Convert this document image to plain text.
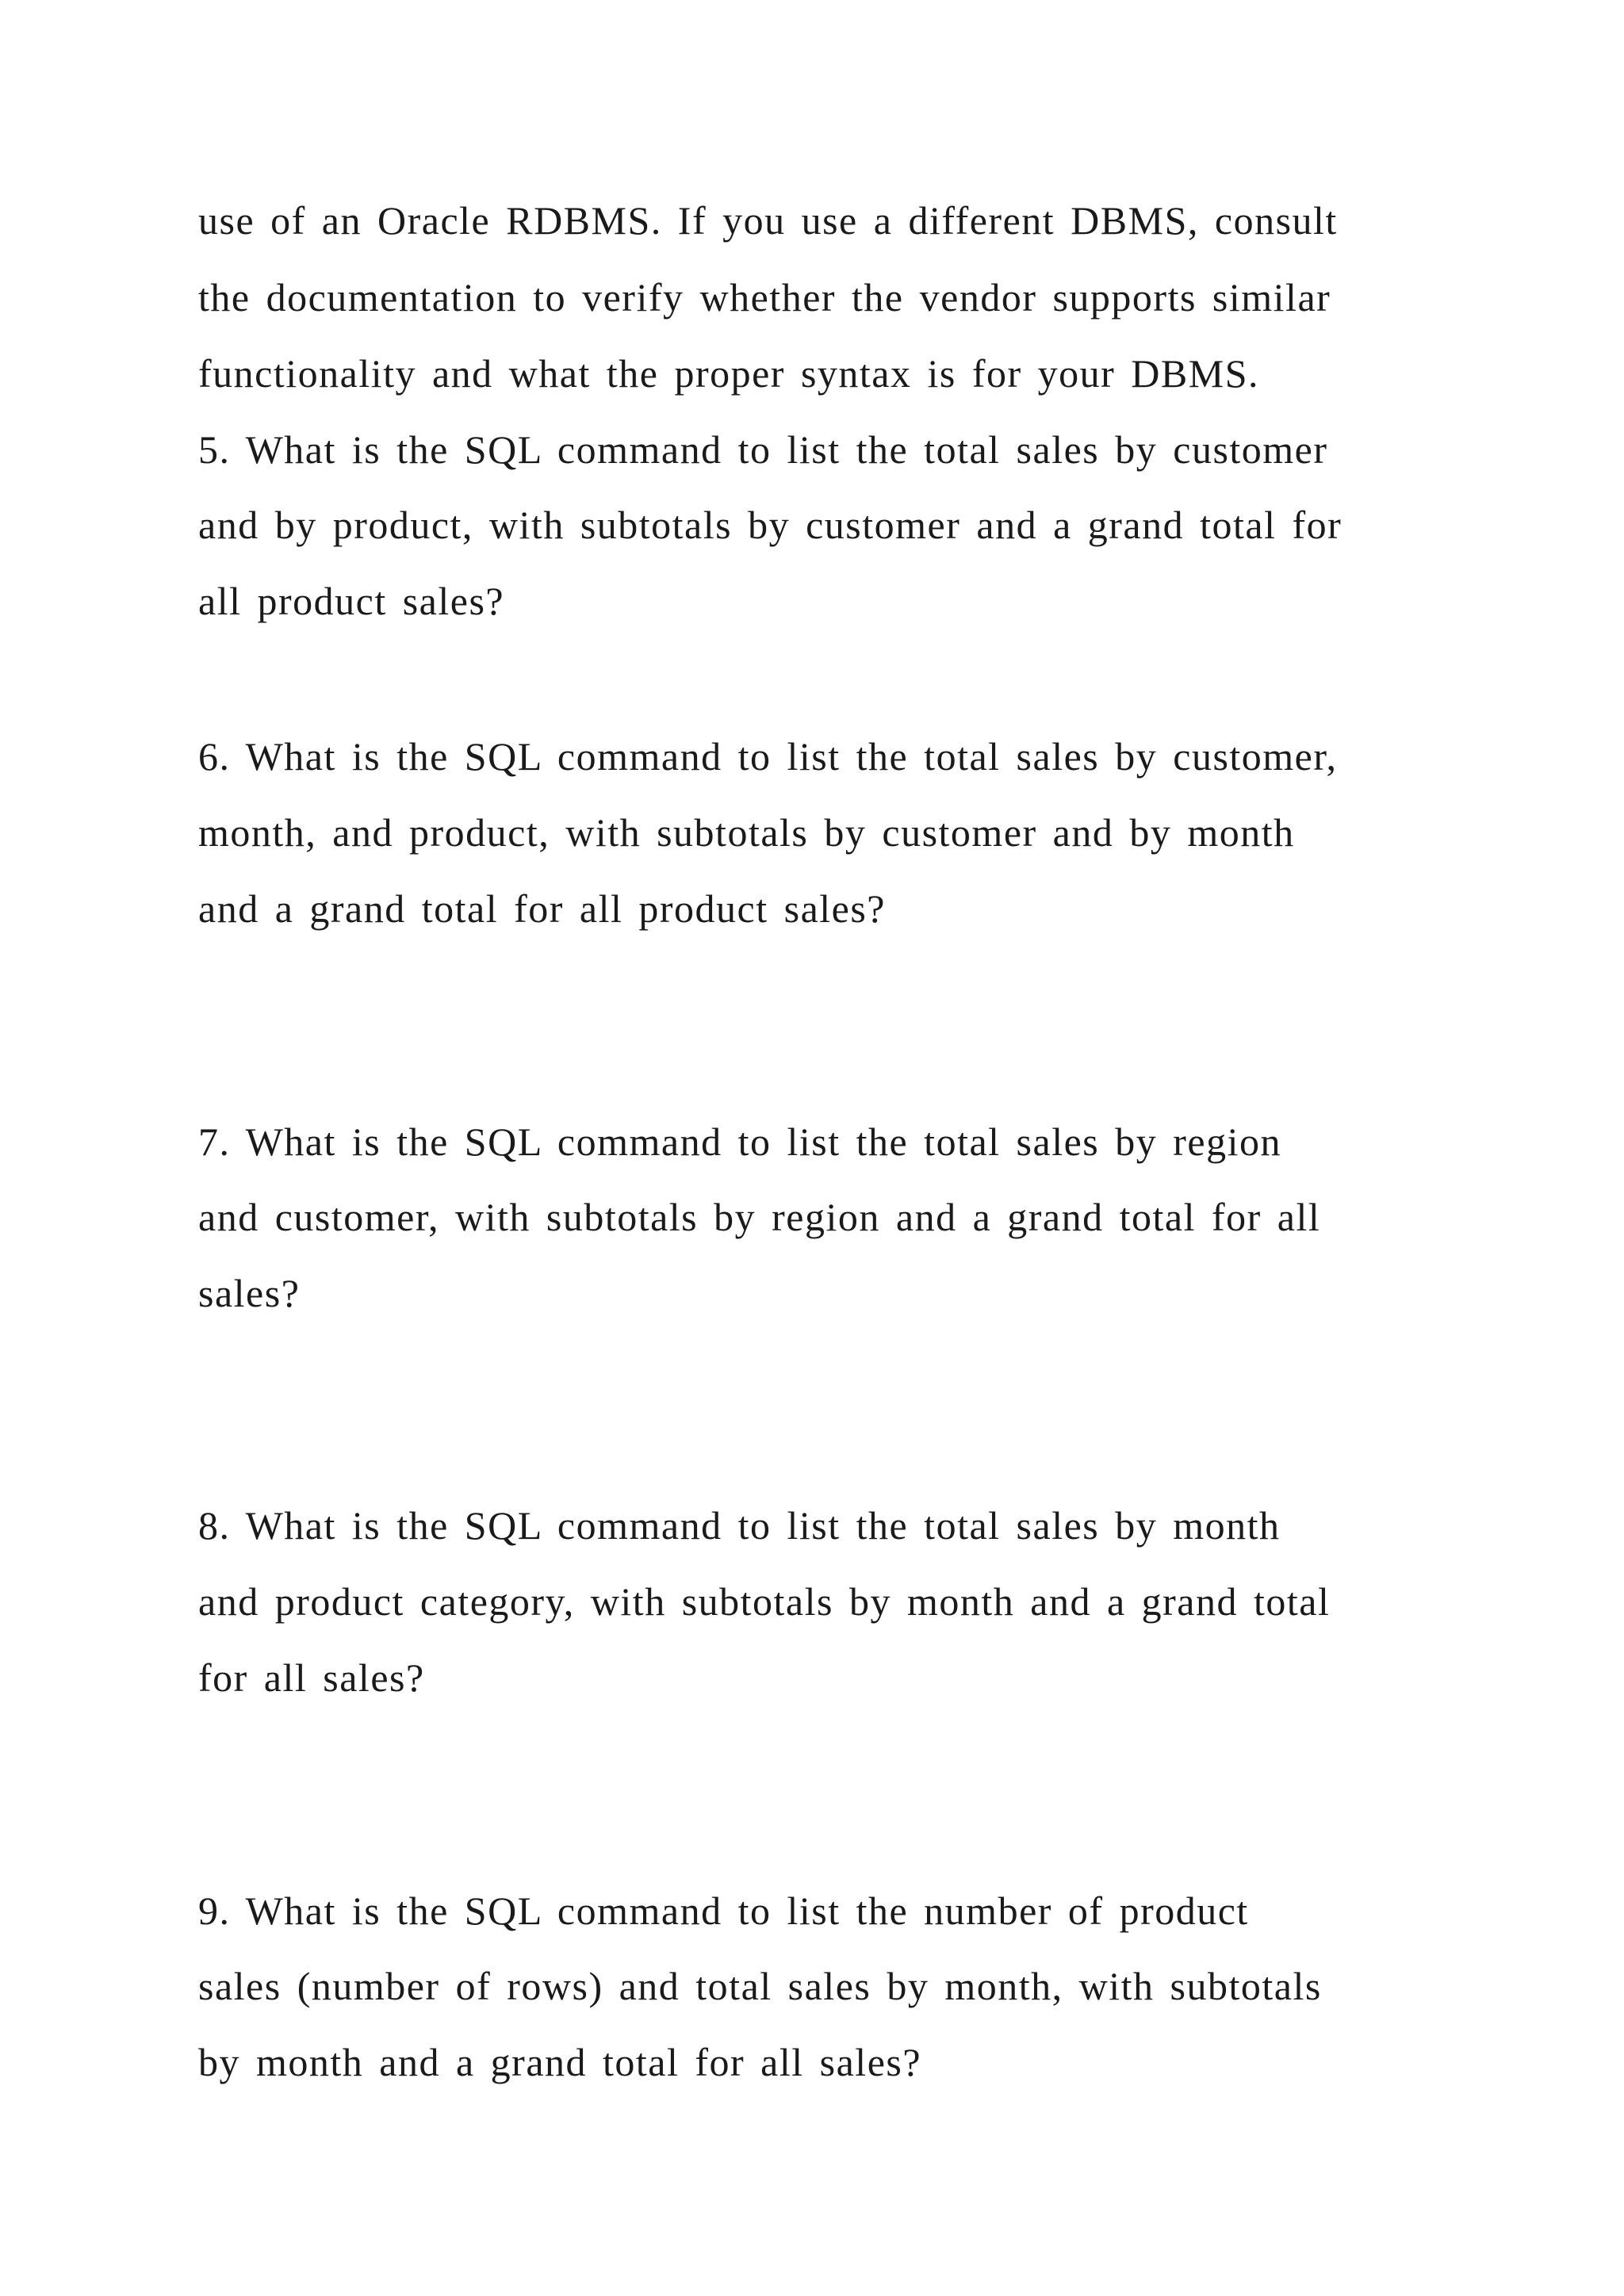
use of an Oracle RDBMS. If you use a different DBMS, consult
the documentation to verify whether the vendor supports similar
functionality and what the proper syntax is for your DBMS.
5. What is the SQL command to list the total sales by customer
and by product, with subtotals by customer and a grand total for
all product sales?
6. What is the SQL command to list the total sales by customer,
month, and product, with subtotals by customer and by month
and a grand total for all product sales?
7. What is the SQL command to list the total sales by region
and customer, with subtotals by region and a grand total for all
sales?
8. What is the SQL command to list the total sales by month
and product category, with subtotals by month and a grand total
for all sales?
9. What is the SQL command to list the number of product
sales (number of rows) and total sales by month, with subtotals
by month and a grand total for all sales?
